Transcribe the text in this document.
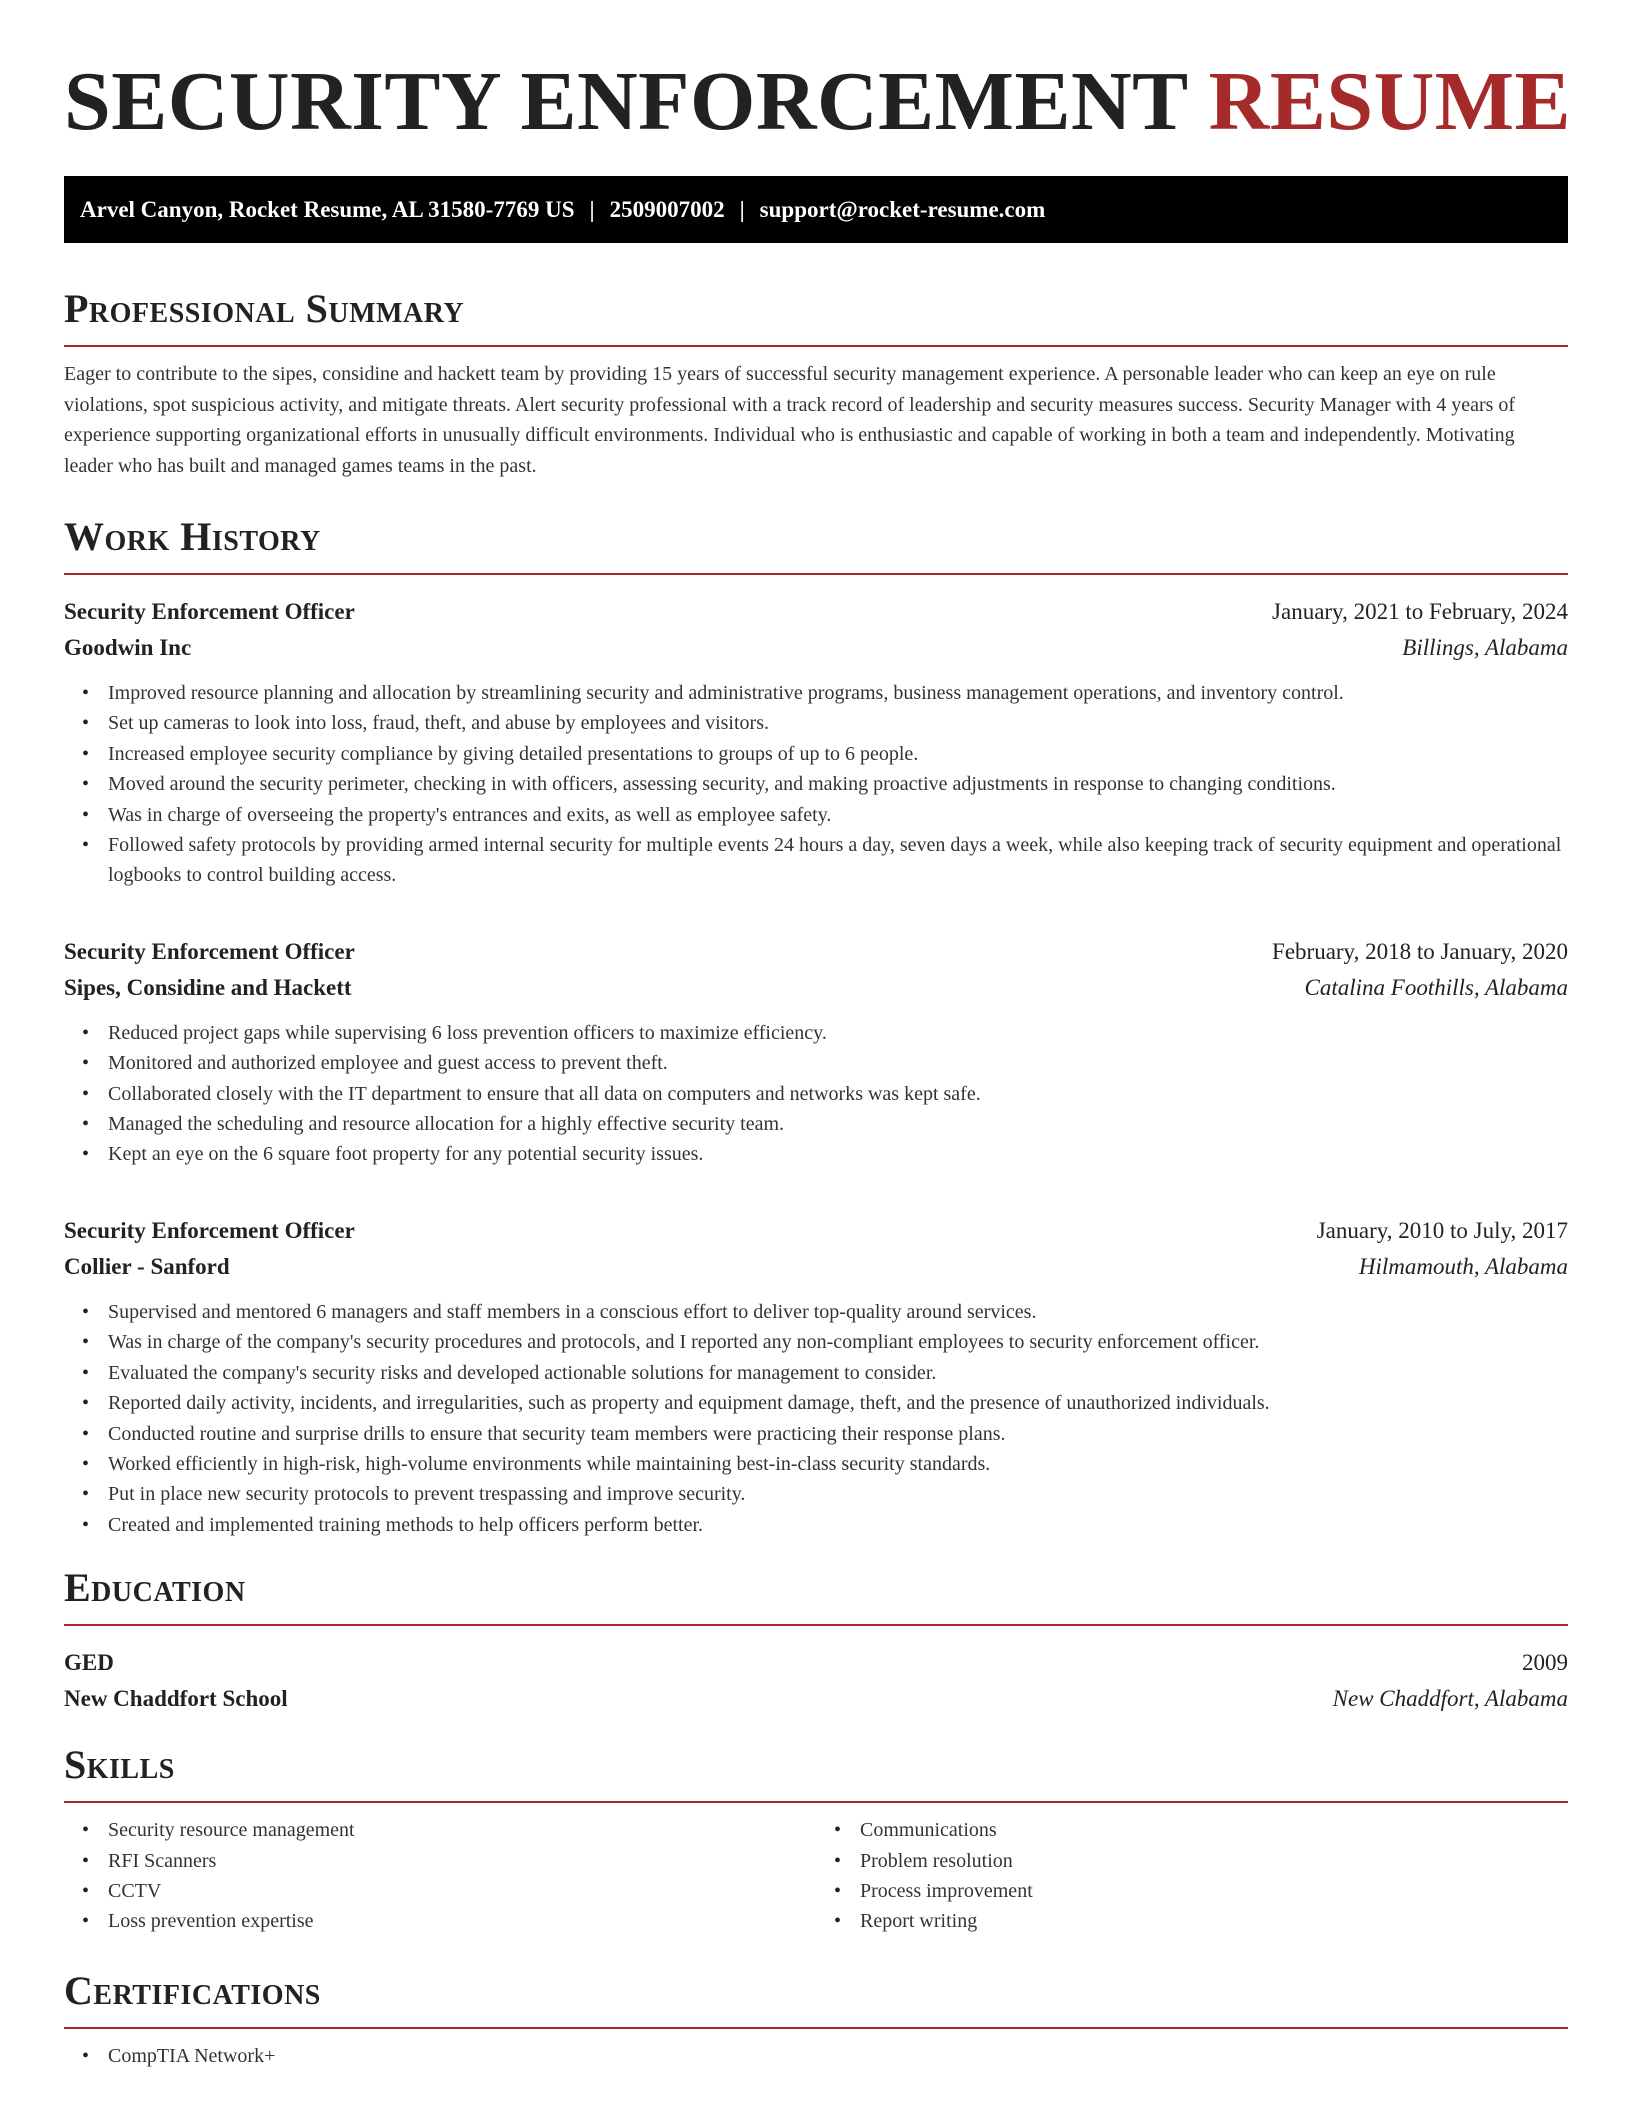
SECURITY ENFORCEMENT RESUME
Arvel Canyon, Rocket Resume, AL 31580-7769 US | 2509007002 | support@rocket-resume.com
Professional Summary

Eager to contribute to the sipes, considine and hackett team by providing 15 years of successful security management experience. A personable leader who can keep an eye on rule violations, spot suspicious activity, and mitigate threats. Alert security professional with a track record of leadership and security measures success. Security Manager with 4 years of experience supporting organizational efforts in unusually difficult environments. Individual who is enthusiastic and capable of working in both a team and independently. Motivating leader who has built and managed games teams in the past.

Work History
Security Enforcement Officer	January, 2021 to February, 2024
Goodwin Inc	Billings, Alabama
• Improved resource planning and allocation by streamlining security and administrative programs, business management operations, and inventory control.
• Set up cameras to look into loss, fraud, theft, and abuse by employees and visitors.
• Increased employee security compliance by giving detailed presentations to groups of up to 6 people.
• Moved around the security perimeter, checking in with officers, assessing security, and making proactive adjustments in response to changing conditions.
• Was in charge of overseeing the property's entrances and exits, as well as employee safety.
• Followed safety protocols by providing armed internal security for multiple events 24 hours a day, seven days a week, while also keeping track of security equipment and operational logbooks to control building access.
Security Enforcement Officer	February, 2018 to January, 2020
Sipes, Considine and Hackett	Catalina Foothills, Alabama
• Reduced project gaps while supervising 6 loss prevention officers to maximize efficiency.
• Monitored and authorized employee and guest access to prevent theft.
• Collaborated closely with the IT department to ensure that all data on computers and networks was kept safe.
• Managed the scheduling and resource allocation for a highly effective security team.
• Kept an eye on the 6 square foot property for any potential security issues.
Security Enforcement Officer	January, 2010 to July, 2017
Collier - Sanford	Hilmamouth, Alabama
• Supervised and mentored 6 managers and staff members in a conscious effort to deliver top-quality around services.
• Was in charge of the company's security procedures and protocols, and I reported any non-compliant employees to security enforcement officer.
• Evaluated the company's security risks and developed actionable solutions for management to consider.
• Reported daily activity, incidents, and irregularities, such as property and equipment damage, theft, and the presence of unauthorized individuals.
• Conducted routine and surprise drills to ensure that security team members were practicing their response plans.
• Worked efficiently in high-risk, high-volume environments while maintaining best-in-class security standards.
• Put in place new security protocols to prevent trespassing and improve security.
• Created and implemented training methods to help officers perform better.
Education
GED	2009
New Chaddfort School	New Chaddfort, Alabama
Skills
• Security resource management
• RFI Scanners
• CCTV
• Loss prevention expertise
• Communications
• Problem resolution
• Process improvement
• Report writing
Certifications
• CompTIA Network+
